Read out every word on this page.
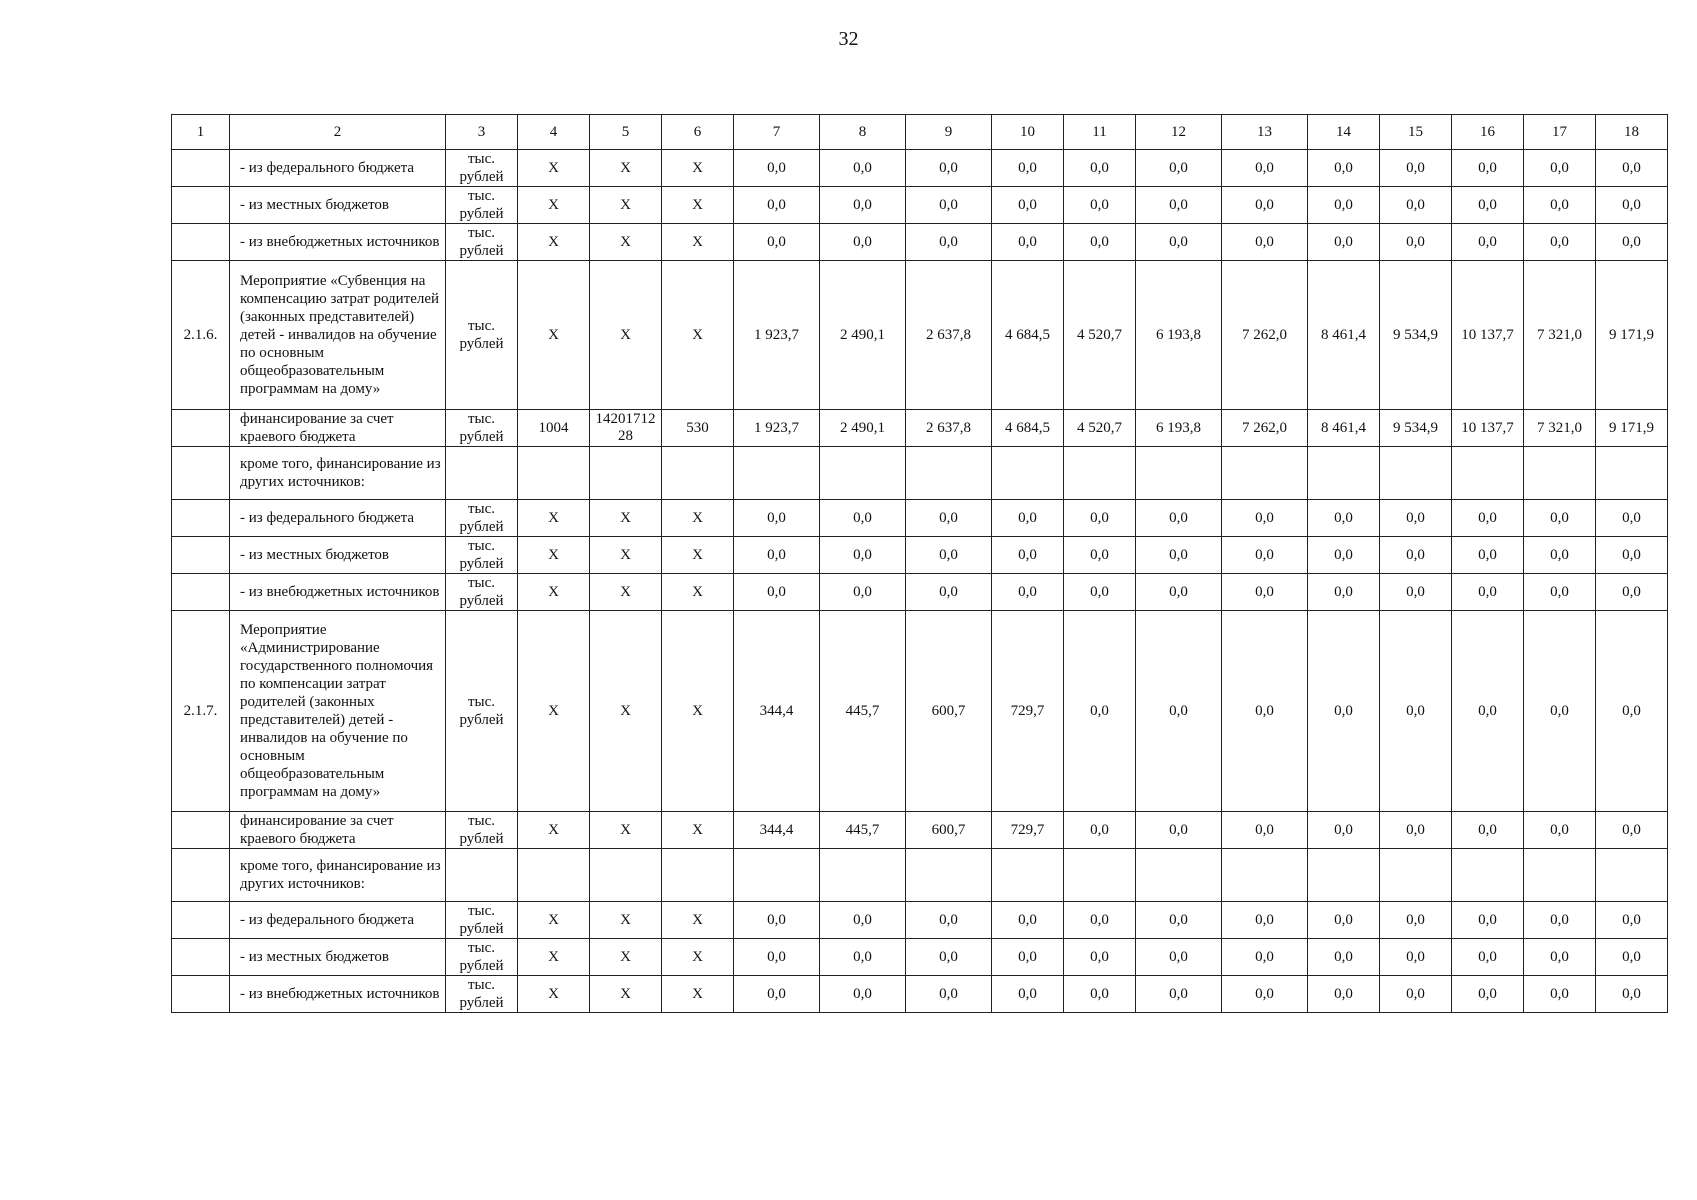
32
1	2	3	4	5	6	7	8	9	10	11	12	13	14	15	16	17	18
	- из федерального бюджета	тыс. рублей	Х	Х	Х	0,0	0,0	0,0	0,0	0,0	0,0	0,0	0,0	0,0	0,0	0,0	0,0
	- из местных бюджетов	тыс. рублей	Х	Х	Х	0,0	0,0	0,0	0,0	0,0	0,0	0,0	0,0	0,0	0,0	0,0	0,0
	- из внебюджетных источников	тыс. рублей	Х	Х	Х	0,0	0,0	0,0	0,0	0,0	0,0	0,0	0,0	0,0	0,0	0,0	0,0
2.1.6.	Мероприятие «Субвенция на компенсацию затрат родителей (законных представителей) детей - инвалидов на обучение по основным общеобразовательным программам на дому»	тыс. рублей	Х	Х	Х	1 923,7	2 490,1	2 637,8	4 684,5	4 520,7	6 193,8	7 262,0	8 461,4	9 534,9	10 137,7	7 321,0	9 171,9
	финансирование за счет краевого бюджета	тыс. рублей	1004	1420171228	530	1 923,7	2 490,1	2 637,8	4 684,5	4 520,7	6 193,8	7 262,0	8 461,4	9 534,9	10 137,7	7 321,0	9 171,9
	кроме того, финансирование из других источников:																
	- из федерального бюджета	тыс. рублей	Х	Х	Х	0,0	0,0	0,0	0,0	0,0	0,0	0,0	0,0	0,0	0,0	0,0	0,0
	- из местных бюджетов	тыс. рублей	Х	Х	Х	0,0	0,0	0,0	0,0	0,0	0,0	0,0	0,0	0,0	0,0	0,0	0,0
	- из внебюджетных источников	тыс. рублей	Х	Х	Х	0,0	0,0	0,0	0,0	0,0	0,0	0,0	0,0	0,0	0,0	0,0	0,0
2.1.7.	Мероприятие «Администрирование государственного полномочия по компенсации затрат родителей (законных представителей) детей - инвалидов на обучение по основным общеобразовательным программам на дому»	тыс. рублей	Х	Х	Х	344,4	445,7	600,7	729,7	0,0	0,0	0,0	0,0	0,0	0,0	0,0	0,0
	финансирование за счет краевого бюджета	тыс. рублей	Х	Х	Х	344,4	445,7	600,7	729,7	0,0	0,0	0,0	0,0	0,0	0,0	0,0	0,0
	кроме того, финансирование из других источников:																
	- из федерального бюджета	тыс. рублей	Х	Х	Х	0,0	0,0	0,0	0,0	0,0	0,0	0,0	0,0	0,0	0,0	0,0	0,0
	- из местных бюджетов	тыс. рублей	Х	Х	Х	0,0	0,0	0,0	0,0	0,0	0,0	0,0	0,0	0,0	0,0	0,0	0,0
	- из внебюджетных источников	тыс. рублей	Х	Х	Х	0,0	0,0	0,0	0,0	0,0	0,0	0,0	0,0	0,0	0,0	0,0	0,0
